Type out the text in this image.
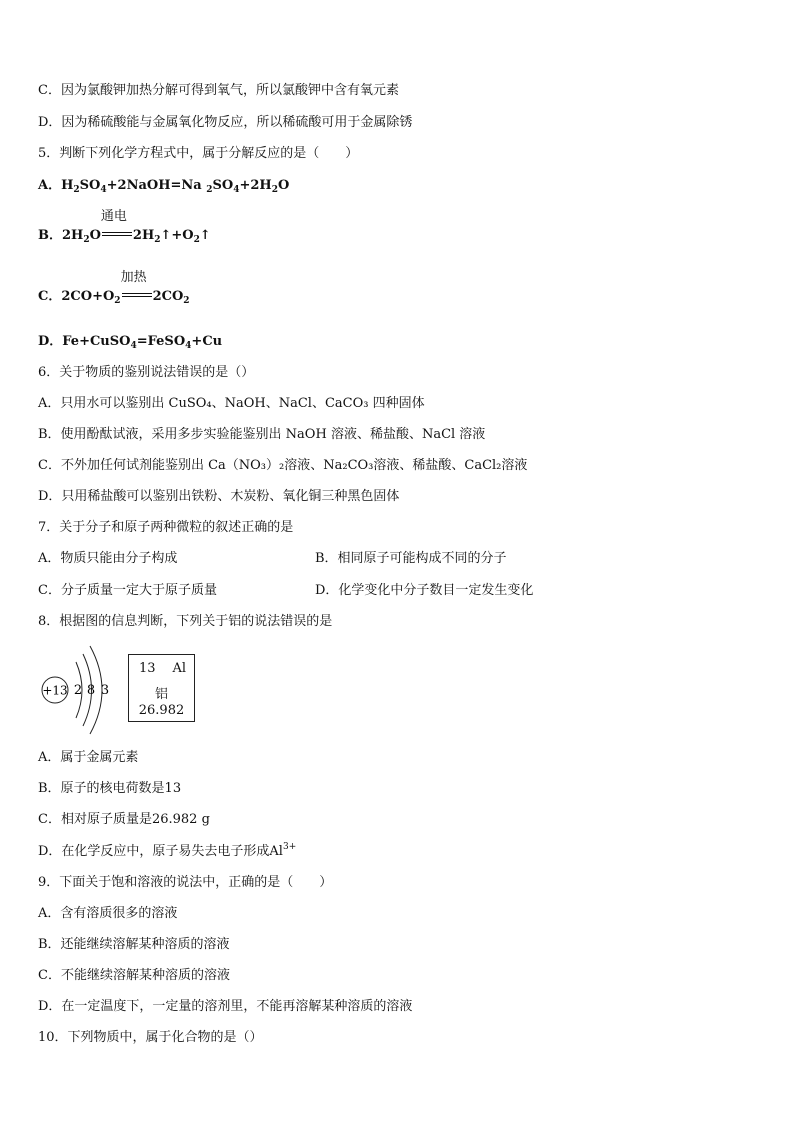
C．因为氯酸钾加热分解可得到氧气，所以氯酸钾中含有氧元素
D．因为稀硫酸能与金属氧化物反应，所以稀硫酸可用于金属除锈
5．判断下列化学方程式中，属于分解反应的是（　　）
A．$H_2SO_4+2NaOH=Na$ $_2SO_4+2H_2O$
B．$2H_2O$
通电
$2H_2↑+O_2↑$
C．$2CO+O_2$
加热
$2CO_2$
D．Fe+CuSO$_4$=FeSO$_4$+Cu
6．关于物质的鉴别说法错误的是（）
A．只用水可以鉴别出 CuSO₄、NaOH、NaCl、CaCO₃ 四种固体
B．使用酚酞试液，采用多步实验能鉴别出 NaOH 溶液、稀盐酸、NaCl 溶液
C．不外加任何试剂能鉴别出 Ca（NO₃）₂溶液、Na₂CO₃溶液、稀盐酸、CaCl₂溶液
D．只用稀盐酸可以鉴别出铁粉、木炭粉、氧化铜三种黑色固体
7．关于分子和原子两种微粒的叙述正确的是
A．物质只能由分子构成	B．相同原子可能构成不同的分子
C．分子质量一定大于原子质量	D．化学变化中分子数目一定发生变化
8．根据图的信息判断，下列关于铝的说法错误的是
+13 2 8 3
13 Al
铝
26.982
A．属于金属元素
B．原子的核电荷数是13
C．相对原子质量是26.982 g
D．在化学反应中，原子易失去电子形成$Al^{3+}$
9．下面关于饱和溶液的说法中，正确的是（　　）
A．含有溶质很多的溶液
B．还能继续溶解某种溶质的溶液
C．不能继续溶解某种溶质的溶液
D．在一定温度下，一定量的溶剂里，不能再溶解某种溶质的溶液
10．下列物质中，属于化合物的是（）
